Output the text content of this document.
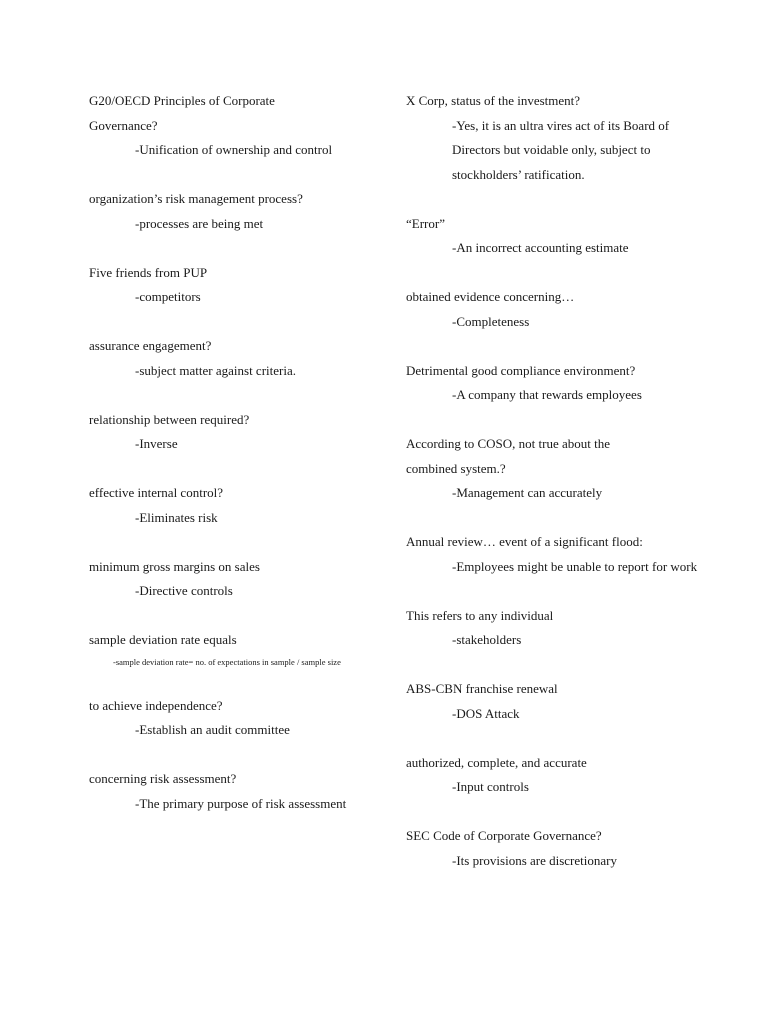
G20/OECD Principles of Corporate Governance?

-Unification of ownership and control

organization’s risk management process?

-processes are being met

Five friends from PUP

-competitors

assurance engagement?

-subject matter against criteria.

relationship between required?

-Inverse

effective internal control?

-Eliminates risk

minimum gross margins on sales

-Directive controls

sample deviation rate equals

-sample deviation rate= no. of expectations in sample / sample size

to achieve independence?

-Establish an audit committee

concerning risk assessment?

-The primary purpose of risk assessment

X Corp, status of the investment?

-Yes, it is an ultra vires act of its Board of Directors but voidable only, subject to stockholders’ ratification.

“Error”

-An incorrect accounting estimate

obtained evidence concerning…

-Completeness

Detrimental good compliance environment?

-A company that rewards employees

According to COSO, not true about the combined system.?

-Management can accurately

Annual review… event of a significant flood:

-Employees might be unable to report for work

This refers to any individual

-stakeholders

ABS-CBN franchise renewal

-DOS Attack

authorized, complete, and accurate

-Input controls

SEC Code of Corporate Governance?

-Its provisions are discretionary
